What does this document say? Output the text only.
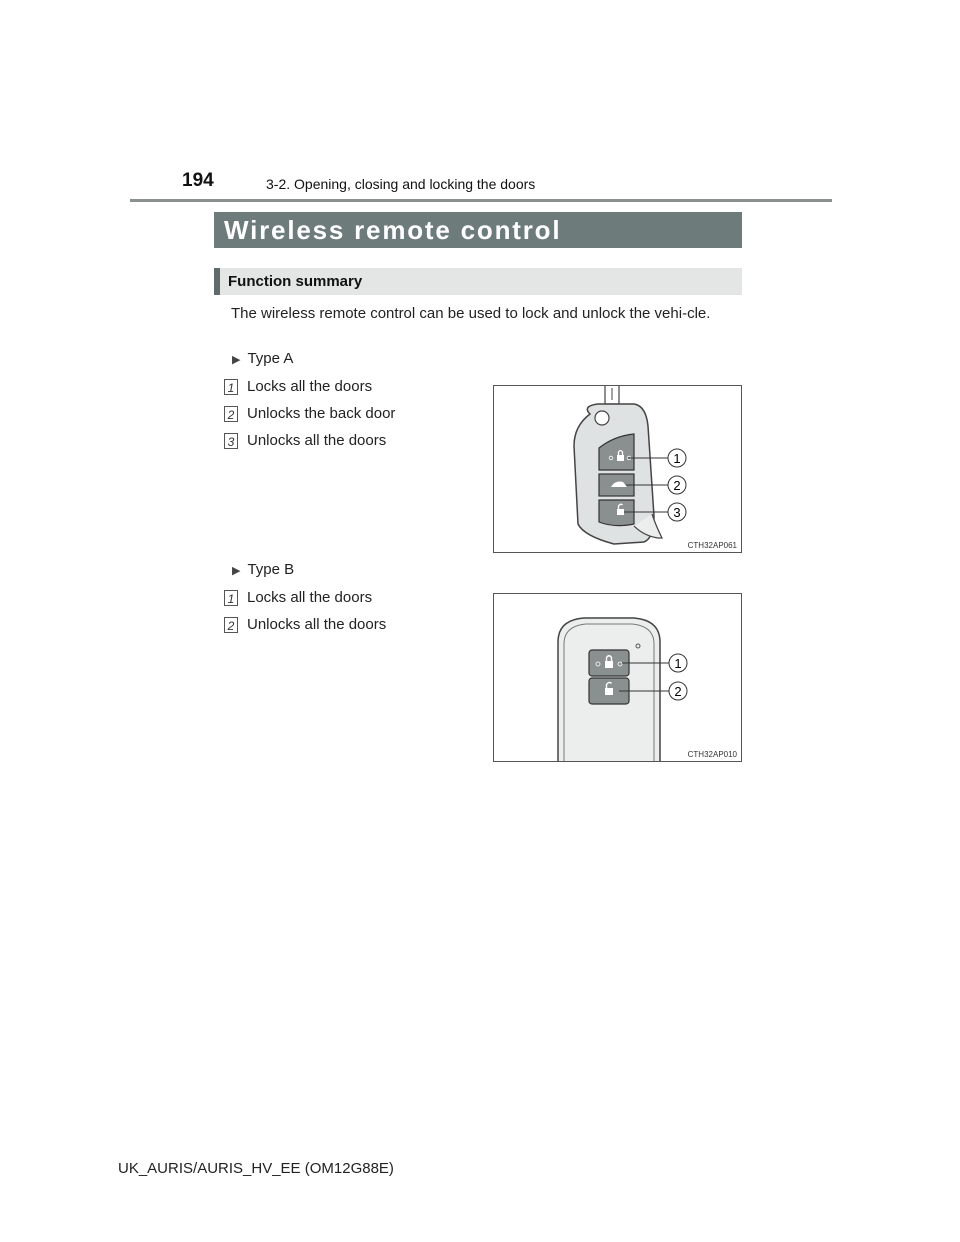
194	3-2. Opening, closing and locking the doors
Wireless remote control
Function summary
The wireless remote control can be used to lock and unlock the vehi-cle.
▶ Type A
1 Locks all the doors
2 Unlocks the back door
3 Unlocks all the doors
1
2
3
CTH32AP061
▶ Type B
1 Locks all the doors
2 Unlocks all the doors
1
2
CTH32AP010
UK_AURIS/AURIS_HV_EE (OM12G88E)
